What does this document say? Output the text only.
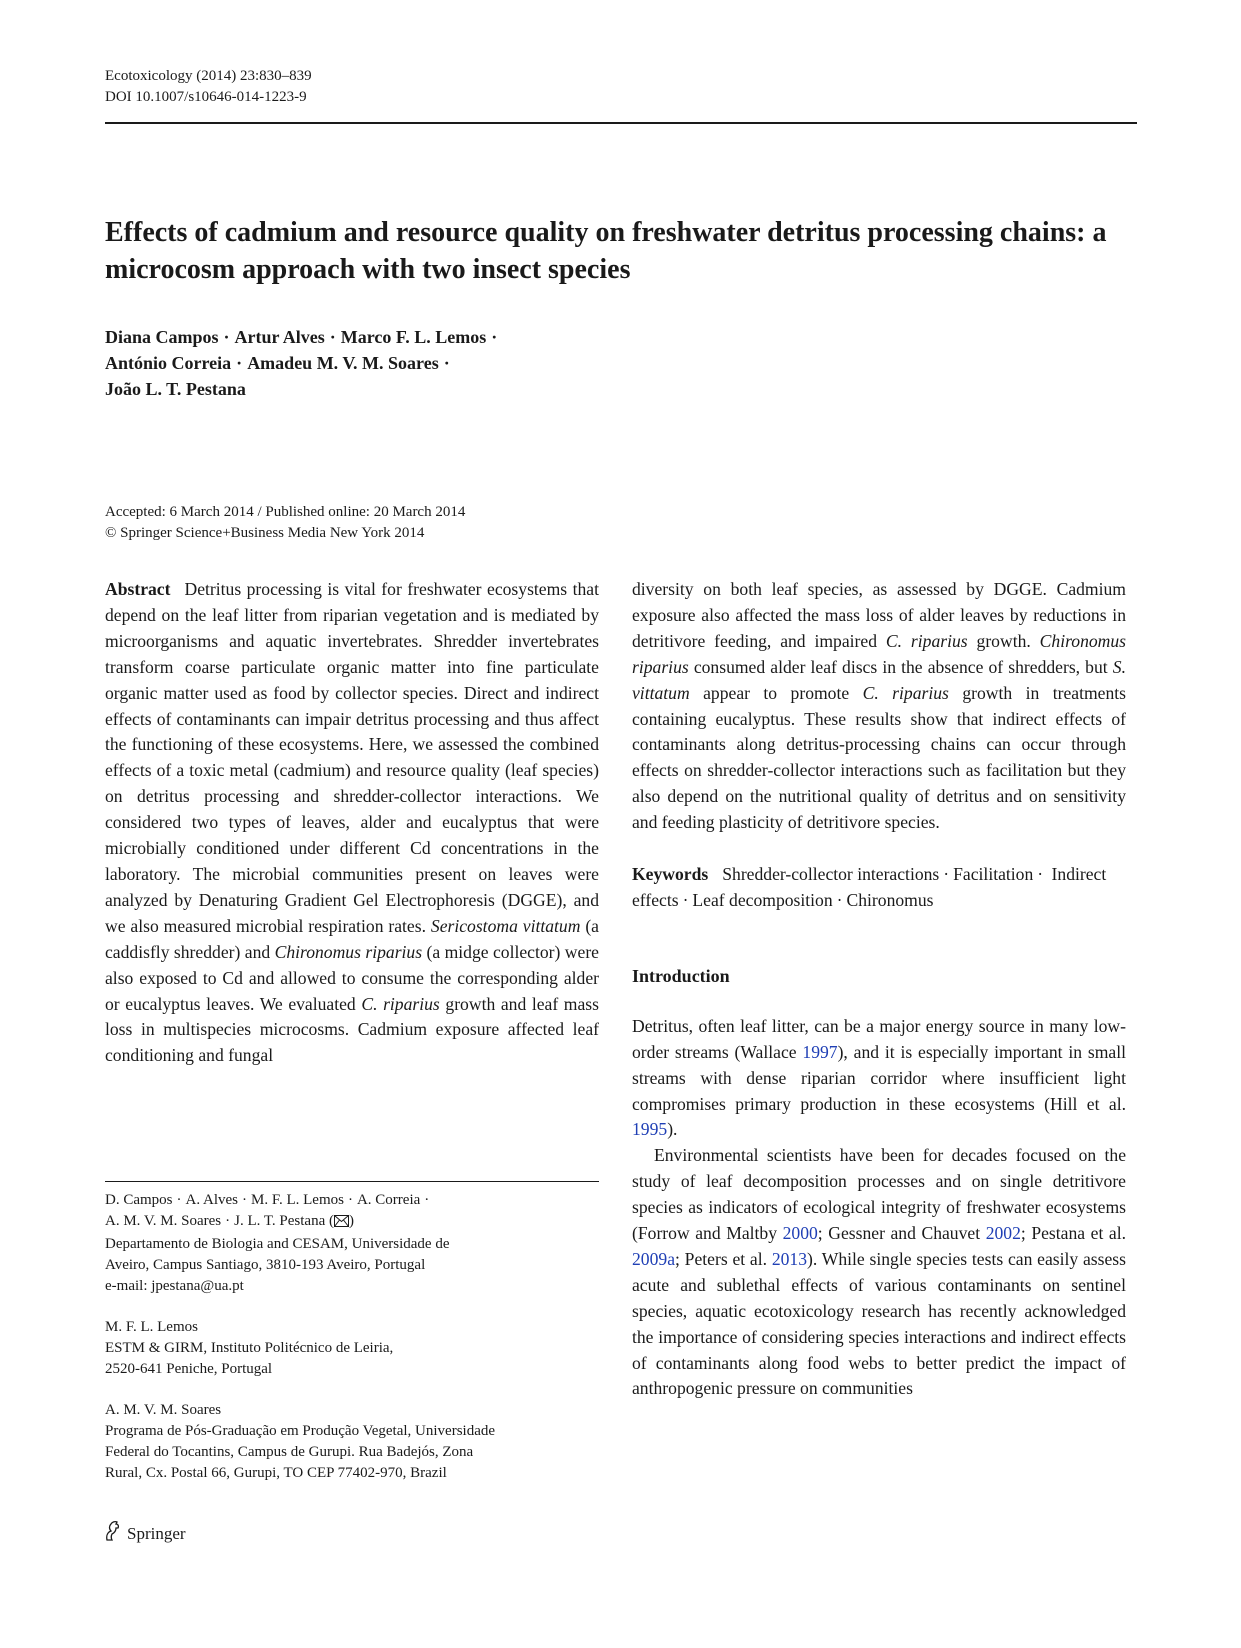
Ecotoxicology (2014) 23:830–839
DOI 10.1007/s10646-014-1223-9
Effects of cadmium and resource quality on freshwater detritus processing chains: a microcosm approach with two insect species
Diana Campos · Artur Alves · Marco F. L. Lemos ·
António Correia · Amadeu M. V. M. Soares ·
João L. T. Pestana
Accepted: 6 March 2014 / Published online: 20 March 2014
© Springer Science+Business Media New York 2014

Abstract Detritus processing is vital for freshwater ecosystems that depend on the leaf litter from riparian vegetation and is mediated by microorganisms and aquatic invertebrates. Shredder invertebrates transform coarse particulate organic matter into fine particulate organic matter used as food by collector species. Direct and indirect effects of contaminants can impair detritus processing and thus affect the functioning of these ecosystems. Here, we assessed the combined effects of a toxic metal (cadmium) and resource quality (leaf species) on detritus processing and shredder-collector interactions. We considered two types of leaves, alder and eucalyptus that were microbially conditioned under different Cd concentrations in the laboratory. The microbial communities present on leaves were analyzed by Denaturing Gradient Gel Electrophoresis (DGGE), and we also measured microbial respiration rates. Sericostoma vittatum (a caddisfly shredder) and Chironomus riparius (a midge collector) were also exposed to Cd and allowed to consume the corresponding alder or eucalyptus leaves. We evaluated C. riparius growth and leaf mass loss in multispecies microcosms. Cadmium exposure affected leaf conditioning and fungal

D. Campos · A. Alves · M. F. L. Lemos · A. Correia ·
A. M. V. M. Soares · J. L. T. Pestana ( )
Departamento de Biologia and CESAM, Universidade de
Aveiro, Campus Santiago, 3810-193 Aveiro, Portugal
e-mail: jpestana@ua.pt

M. F. L. Lemos
ESTM & GIRM, Instituto Politécnico de Leiria,
2520-641 Peniche, Portugal

A. M. V. M. Soares
Programa de Pós-Graduação em Produção Vegetal, Universidade
Federal do Tocantins, Campus de Gurupi. Rua Badejós, Zona
Rural, Cx. Postal 66, Gurupi, TO CEP 77402-970, Brazil

diversity on both leaf species, as assessed by DGGE. Cadmium exposure also affected the mass loss of alder leaves by reductions in detritivore feeding, and impaired C. riparius growth. Chironomus riparius consumed alder leaf discs in the absence of shredders, but S. vittatum appear to promote C. riparius growth in treatments containing eucalyptus. These results show that indirect effects of contaminants along detritus-processing chains can occur through effects on shredder-collector interactions such as facilitation but they also depend on the nutritional quality of detritus and on sensitivity and feeding plasticity of detritivore species.

Keywords Shredder-collector interactions · Facilitation · Indirect effects · Leaf decomposition · Chironomus

Introduction

Detritus, often leaf litter, can be a major energy source in many low-order streams (Wallace 1997), and it is especially important in small streams with dense riparian corridor where insufficient light compromises primary production in these ecosystems (Hill et al. 1995).

Environmental scientists have been for decades focused on the study of leaf decomposition processes and on single detritivore species as indicators of ecological integrity of freshwater ecosystems (Forrow and Maltby 2000; Gessner and Chauvet 2002; Pestana et al. 2009a; Peters et al. 2013). While single species tests can easily assess acute and sublethal effects of various contaminants on sentinel species, aquatic ecotoxicology research has recently acknowledged the importance of considering species interactions and indirect effects of contaminants along food webs to better predict the impact of anthropogenic pressure on communities

Springer
